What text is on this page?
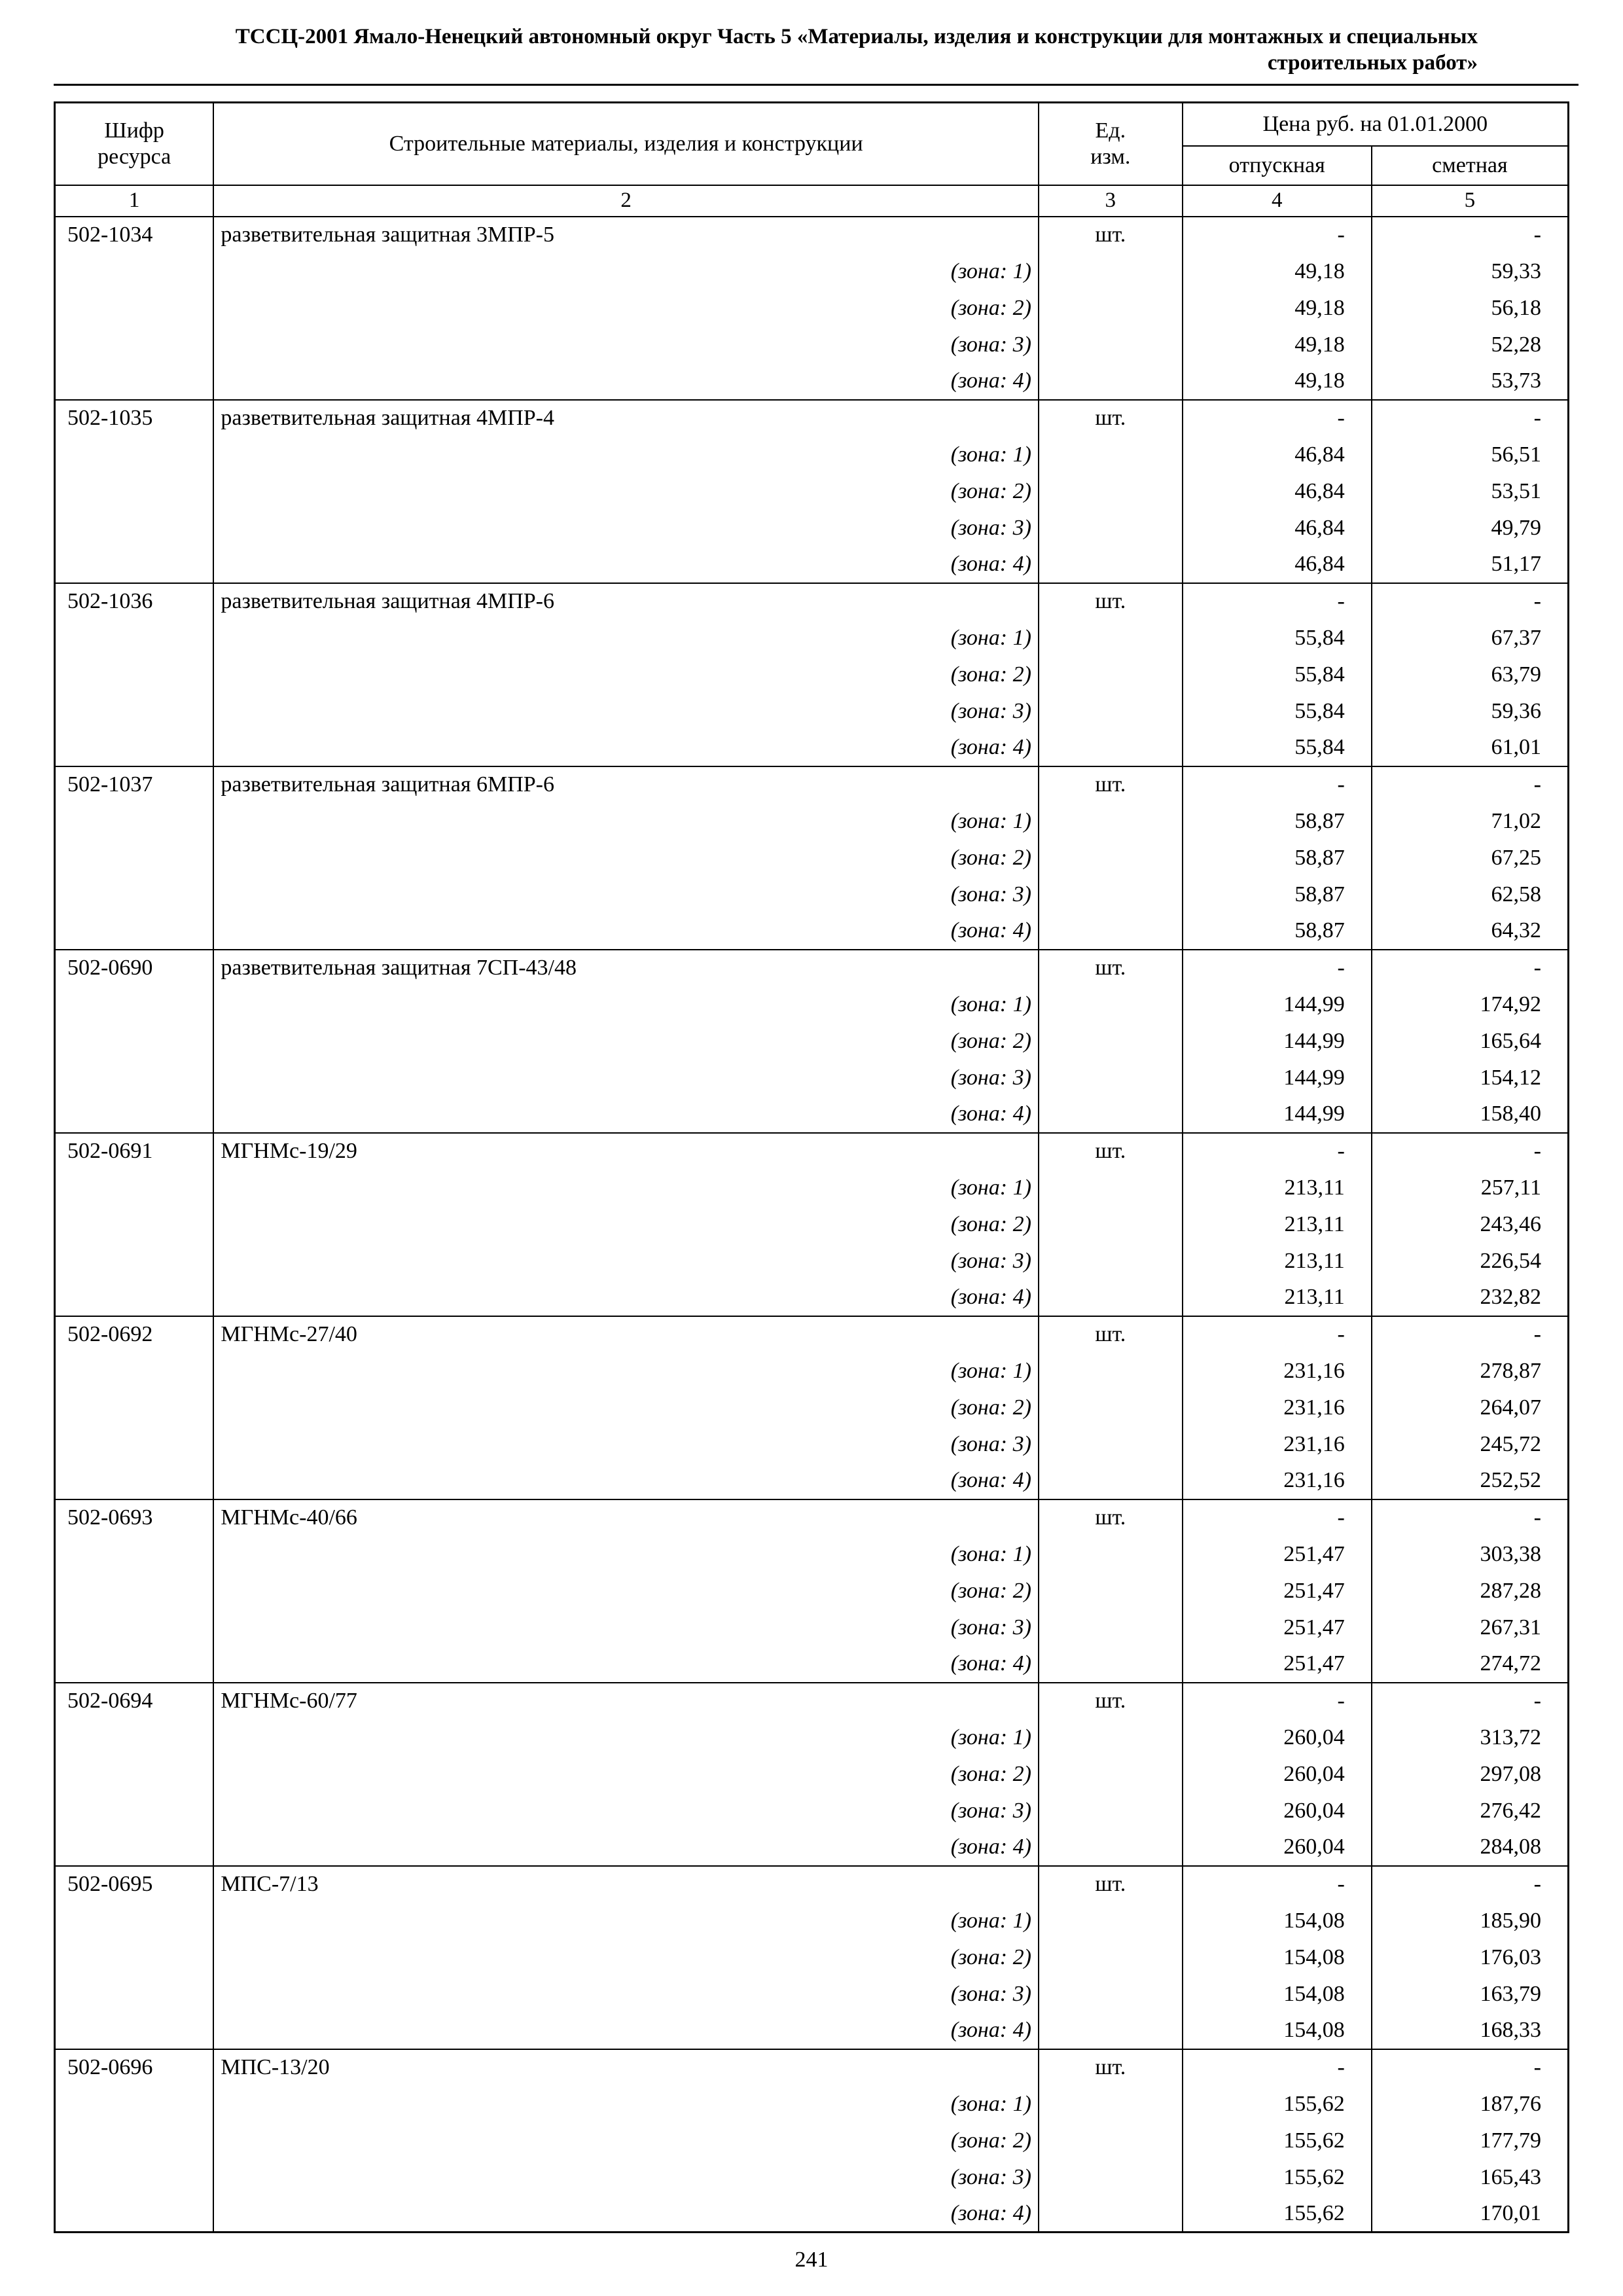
ТССЦ-2001 Ямало-Ненецкий автономный округ Часть 5 «Материалы, изделия и конструкции для монтажных и специальных строительных работ»
Шифр ресурса	Строительные материалы, изделия и конструкции	Ед. изм.	Цена руб. на 01.01.2000	
			отпускная	сметная
1	2	3	4	5
502-1034	разветвительная защитная 3МПР-5	шт.	-	-
	(зона: 1)		49,18	59,33
	(зона: 2)		49,18	56,18
	(зона: 3)		49,18	52,28
	(зона: 4)		49,18	53,73
502-1035	разветвительная защитная 4МПР-4	шт.	-	-
	(зона: 1)		46,84	56,51
	(зона: 2)		46,84	53,51
	(зона: 3)		46,84	49,79
	(зона: 4)		46,84	51,17
502-1036	разветвительная защитная 4МПР-6	шт.	-	-
	(зона: 1)		55,84	67,37
	(зона: 2)		55,84	63,79
	(зона: 3)		55,84	59,36
	(зона: 4)		55,84	61,01
502-1037	разветвительная защитная 6МПР-6	шт.	-	-
	(зона: 1)		58,87	71,02
	(зона: 2)		58,87	67,25
	(зона: 3)		58,87	62,58
	(зона: 4)		58,87	64,32
502-0690	разветвительная защитная 7СП-43/48	шт.	-	-
	(зона: 1)		144,99	174,92
	(зона: 2)		144,99	165,64
	(зона: 3)		144,99	154,12
	(зона: 4)		144,99	158,40
502-0691	МГНМс-19/29	шт.	-	-
	(зона: 1)		213,11	257,11
	(зона: 2)		213,11	243,46
	(зона: 3)		213,11	226,54
	(зона: 4)		213,11	232,82
502-0692	МГНМс-27/40	шт.	-	-
	(зона: 1)		231,16	278,87
	(зона: 2)		231,16	264,07
	(зона: 3)		231,16	245,72
	(зона: 4)		231,16	252,52
502-0693	МГНМс-40/66	шт.	-	-
	(зона: 1)		251,47	303,38
	(зона: 2)		251,47	287,28
	(зона: 3)		251,47	267,31
	(зона: 4)		251,47	274,72
502-0694	МГНМс-60/77	шт.	-	-
	(зона: 1)		260,04	313,72
	(зона: 2)		260,04	297,08
	(зона: 3)		260,04	276,42
	(зона: 4)		260,04	284,08
502-0695	МПС-7/13	шт.	-	-
	(зона: 1)		154,08	185,90
	(зона: 2)		154,08	176,03
	(зона: 3)		154,08	163,79
	(зона: 4)		154,08	168,33
502-0696	МПС-13/20	шт.	-	-
	(зона: 1)		155,62	187,76
	(зона: 2)		155,62	177,79
	(зона: 3)		155,62	165,43
	(зона: 4)		155,62	170,01
241
